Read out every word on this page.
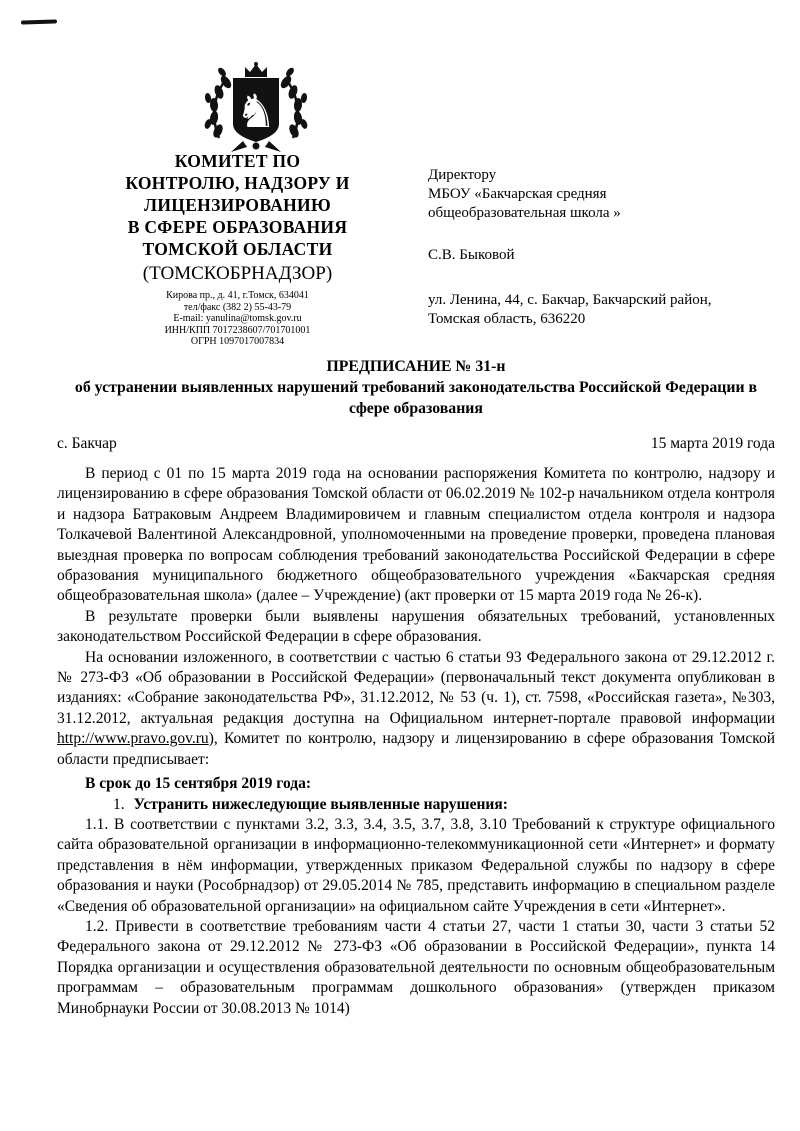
♞
КОМИТЕТ ПО
КОНТРОЛЮ, НАДЗОРУ И
ЛИЦЕНЗИРОВАНИЮ
В СФЕРЕ ОБРАЗОВАНИЯ
ТОМСКОЙ ОБЛАСТИ
(ТОМСКОБРНАДЗОР)
Кирова пр., д. 41, г.Томск, 634041
тел/факс (382 2) 55-43-79
E-mail: yanulina@tomsk.gov.ru
ИНН/КПП 7017238607/701701001
ОГРН 1097017007834
Директору
МБОУ «Бакчарская средняя общеобразовательная школа »
С.В. Быковой
ул. Ленина, 44, с. Бакчар, Бакчарский район, Томская область, 636220
ПРЕДПИСАНИЕ № 31-н
об устранении выявленных нарушений требований законодательства Российской Федерации в сфере образования
с. Бакчар	15 марта 2019 года

В период с 01 по 15 марта 2019 года на основании распоряжения Комитета по контролю, надзору и лицензированию в сфере образования Томской области от 06.02.2019 № 102-р начальником отдела контроля и надзора Батраковым Андреем Владимировичем и главным специалистом отдела контроля и надзора Толкачевой Валентиной Александровной, уполномоченными на проведение проверки, проведена плановая выездная проверка по вопросам соблюдения требований законодательства Российской Федерации в сфере образования муниципального бюджетного общеобразовательного учреждения «Бакчарская средняя общеобразовательная школа» (далее – Учреждение) (акт проверки от 15 марта 2019 года № 26-к).

В результате проверки были выявлены нарушения обязательных требований, установленных законодательством Российской Федерации в сфере образования.

На основании изложенного, в соответствии с частью 6 статьи 93 Федерального закона от 29.12.2012 г. № 273-ФЗ «Об образовании в Российской Федерации» (первоначальный текст документа опубликован в изданиях: «Собрание законодательства РФ», 31.12.2012, № 53 (ч. 1), ст. 7598, «Российская газета», №303, 31.12.2012, актуальная редакция доступна на Официальном интернет-портале правовой информации http://www.pravo.gov.ru), Комитет по контролю, надзору и лицензированию в сфере образования Томской области предписывает:

В срок до 15 сентября 2019 года:

1. Устранить нижеследующие выявленные нарушения:

1.1. В соответствии с пунктами 3.2, 3.3, 3.4, 3.5, 3.7, 3.8, 3.10 Требований к структуре официального сайта образовательной организации в информационно-телекоммуникационной сети «Интернет» и формату представления в нём информации, утвержденных приказом Федеральной службы по надзору в сфере образования и науки (Рособрнадзор) от 29.05.2014 № 785, представить информацию в специальном разделе «Сведения об образовательной организации» на официальном сайте Учреждения в сети «Интернет».

1.2. Привести в соответствие требованиям части 4 статьи 27, части 1 статьи 30, части 3 статьи 52 Федерального закона от 29.12.2012 № 273-ФЗ «Об образовании в Российской Федерации», пункта 14 Порядка организации и осуществления образовательной деятельности по основным общеобразовательным программам – образовательным программам дошкольного образования» (утвержден приказом Минобрнауки России от 30.08.2013 № 1014)
